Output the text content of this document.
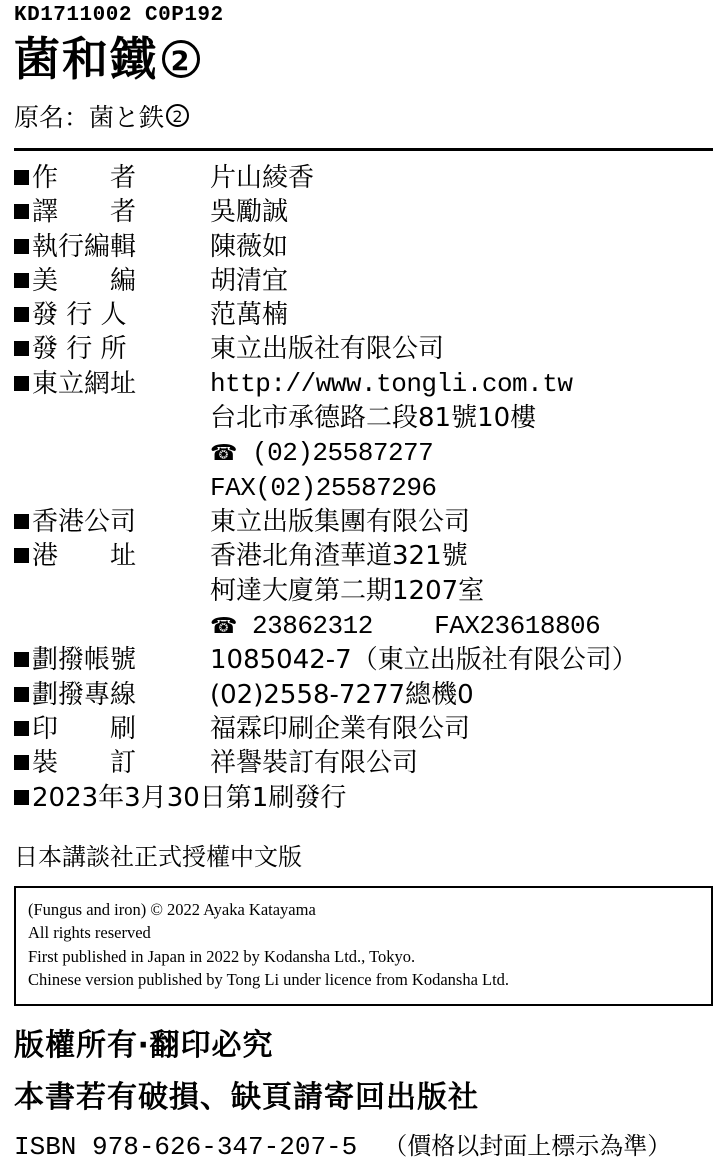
KD1711002 C0P192
菌和鐵 2
原名：菌と鉄 2
作　　者	片山綾香
譯　　者	吳勵誠
執行編輯	陳薇如
美　　編	胡清宜
發 行 人	范萬楠
發 行 所	東立出版社有限公司
東立網址	http://www.tongli.com.tw
	台北市承德路二段81號10樓
	☎ (02)25587277      FAX(02)25587296
香港公司	東立出版集團有限公司
港　　址	香港北角渣華道321號
	柯達大廈第二期1207室
	☎ 23862312 FAX23618806
劃撥帳號	1085042-7（東立出版社有限公司）
劃撥專線	(02)2558-7277總機0
印　　刷	福霖印刷企業有限公司
裝　　訂	祥譽裝訂有限公司
2023年3月30日第1刷發行
日本講談社正式授權中文版
(Fungus and iron) © 2022 Ayaka Katayama
All rights reserved
First published in Japan in 2022 by Kodansha Ltd., Tokyo.
Chinese version published by Tong Li under licence from Kodansha Ltd.
版權所有‧翻印必究
本書若有破損、缺頁請寄回出版社
ISBN 978-626-347-207-5 （價格以封面上標示為準）
